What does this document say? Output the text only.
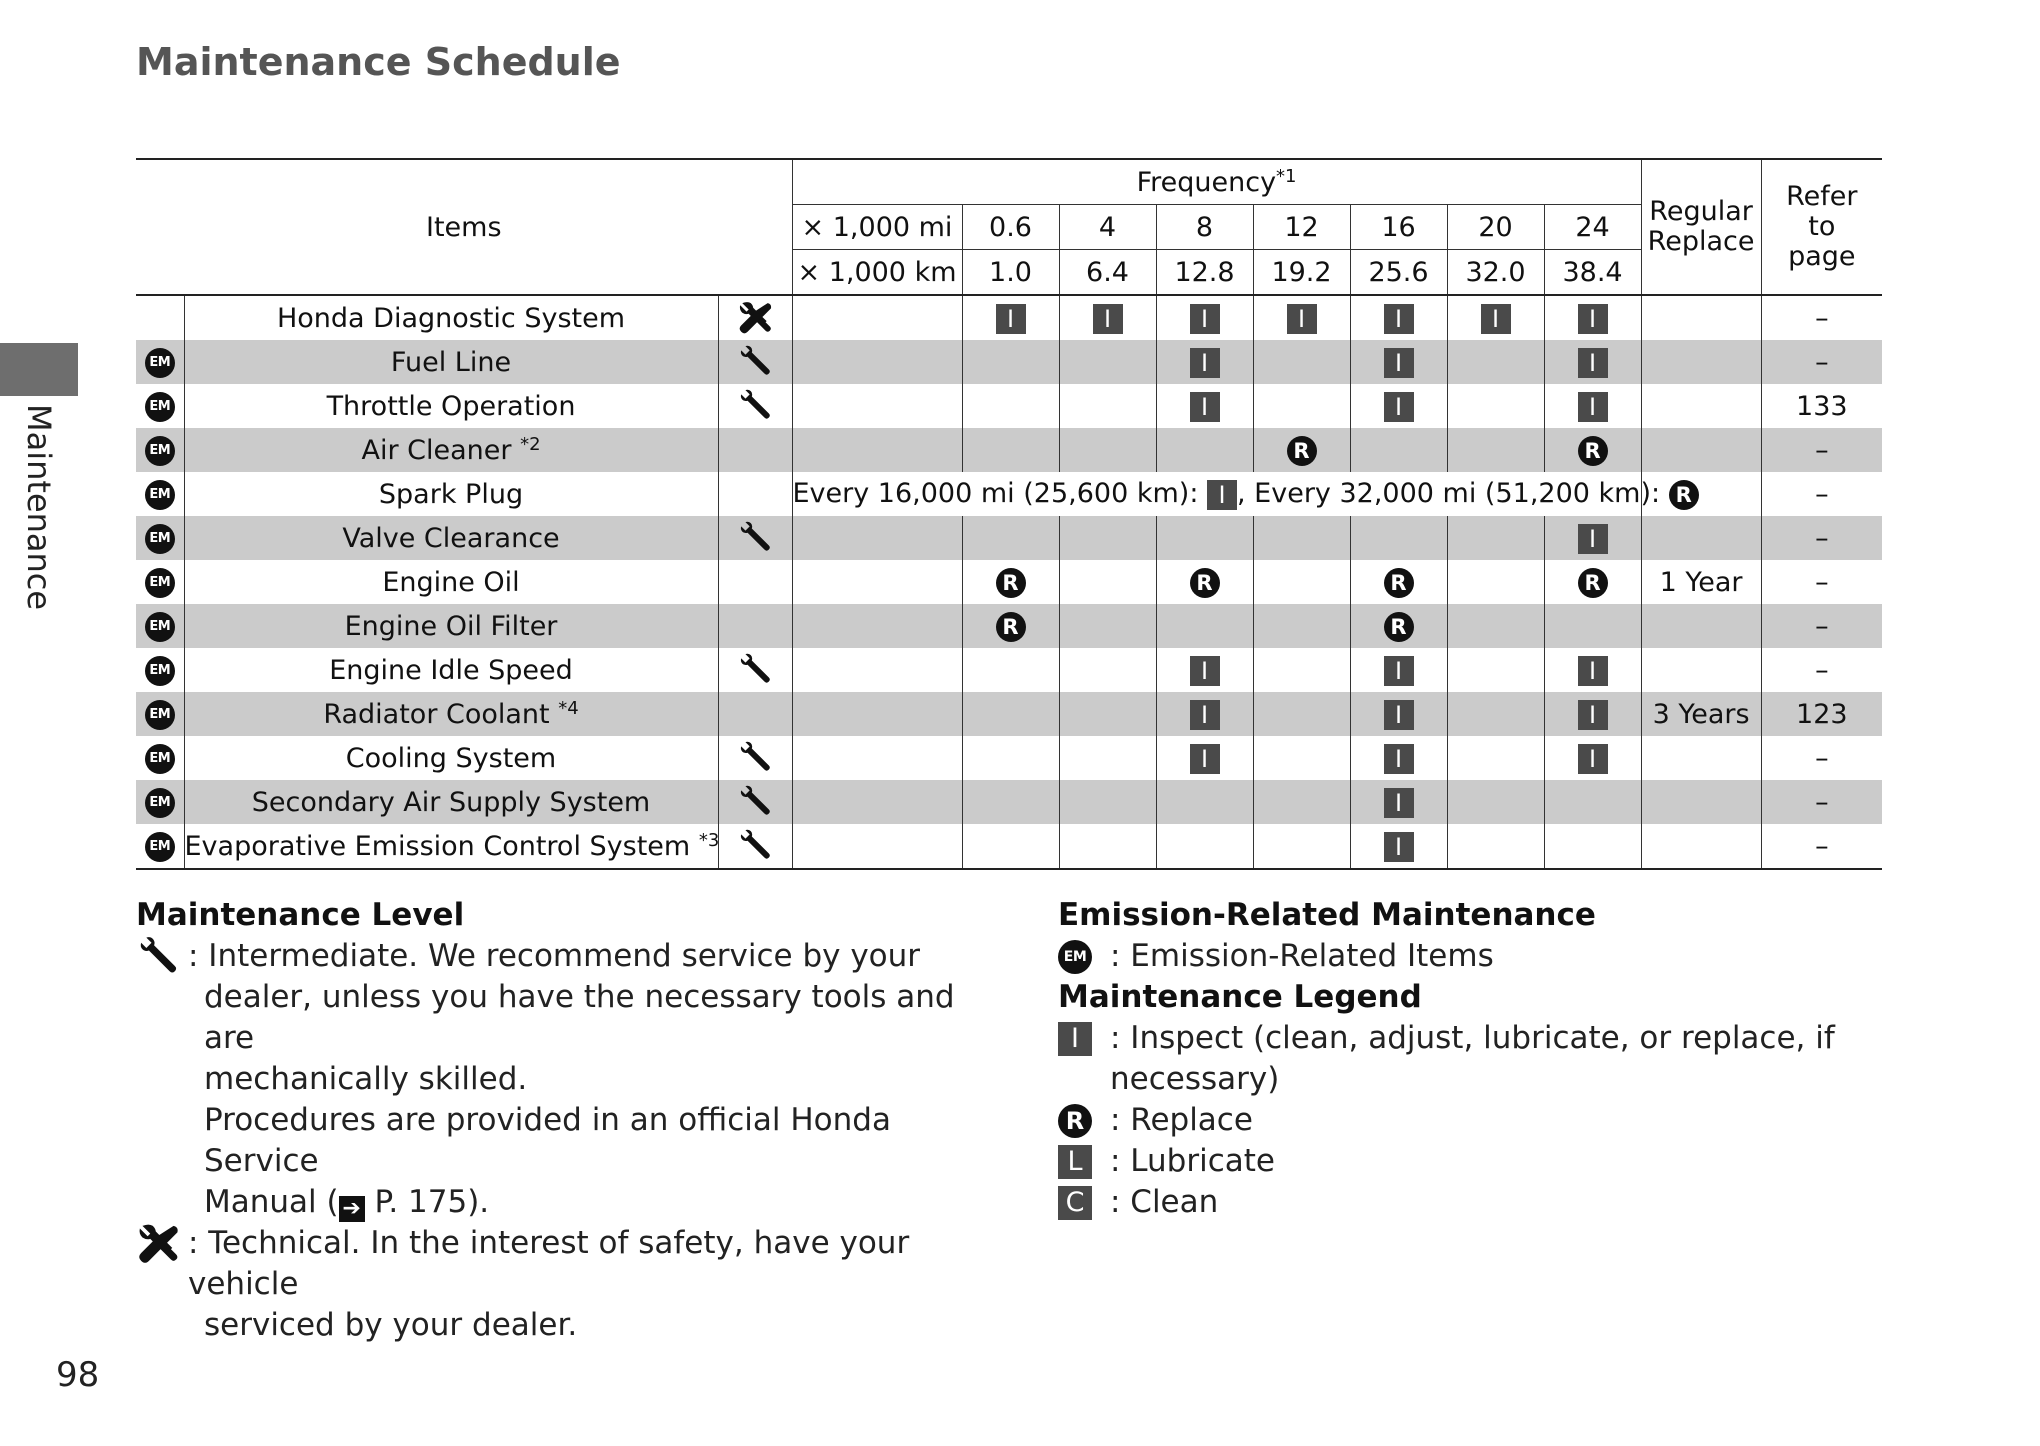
Maintenance Schedule
Maintenance
98
Items			Frequency$^{*1}$								Regular Replace	Refer to page
			× 1,000 mi	0.6	4	8	12	16	20	24		
			× 1,000 km	1.0	6.4	12.8	19.2	25.6	32.0	38.4		
	Honda Diagnostic System			I	I	I	I	I	I	I		–
EM	Fuel Line					I		I		I		–
EM	Throttle Operation					I		I		I		133
EM	Air Cleaner $^{*2}$						R			R		–
EM	Spark Plug		Every 16,000 mi (25,600 km): I , Every 32,000 mi (51,200 km): R									–
EM	Valve Clearance									I		–
EM	Engine Oil			R		R		R		R	1 Year	–
EM	Engine Oil Filter			R				R				–
EM	Engine Idle Speed					I		I		I		–
EM	Radiator Coolant $^{*4}$					I		I		I	3 Years	123
EM	Cooling System					I		I		I		–
EM	Secondary Air Supply System							I				–
EM	Evaporative Emission Control System $^{*3}$							I				–
Maintenance Level
: Intermediate. We recommend service by your
dealer, unless you have the necessary tools and are
mechanically skilled.
Procedures are provided in an official Honda Service
Manual ( ➔ P. 175).
: Technical. In the interest of safety, have your vehicle
serviced by your dealer.
Emission-Related Maintenance
EM : Emission-Related Items
Maintenance Legend
I	: Inspect (clean, adjust, lubricate, or replace, if necessary)
R : Replace
L : Lubricate
C : Clean
